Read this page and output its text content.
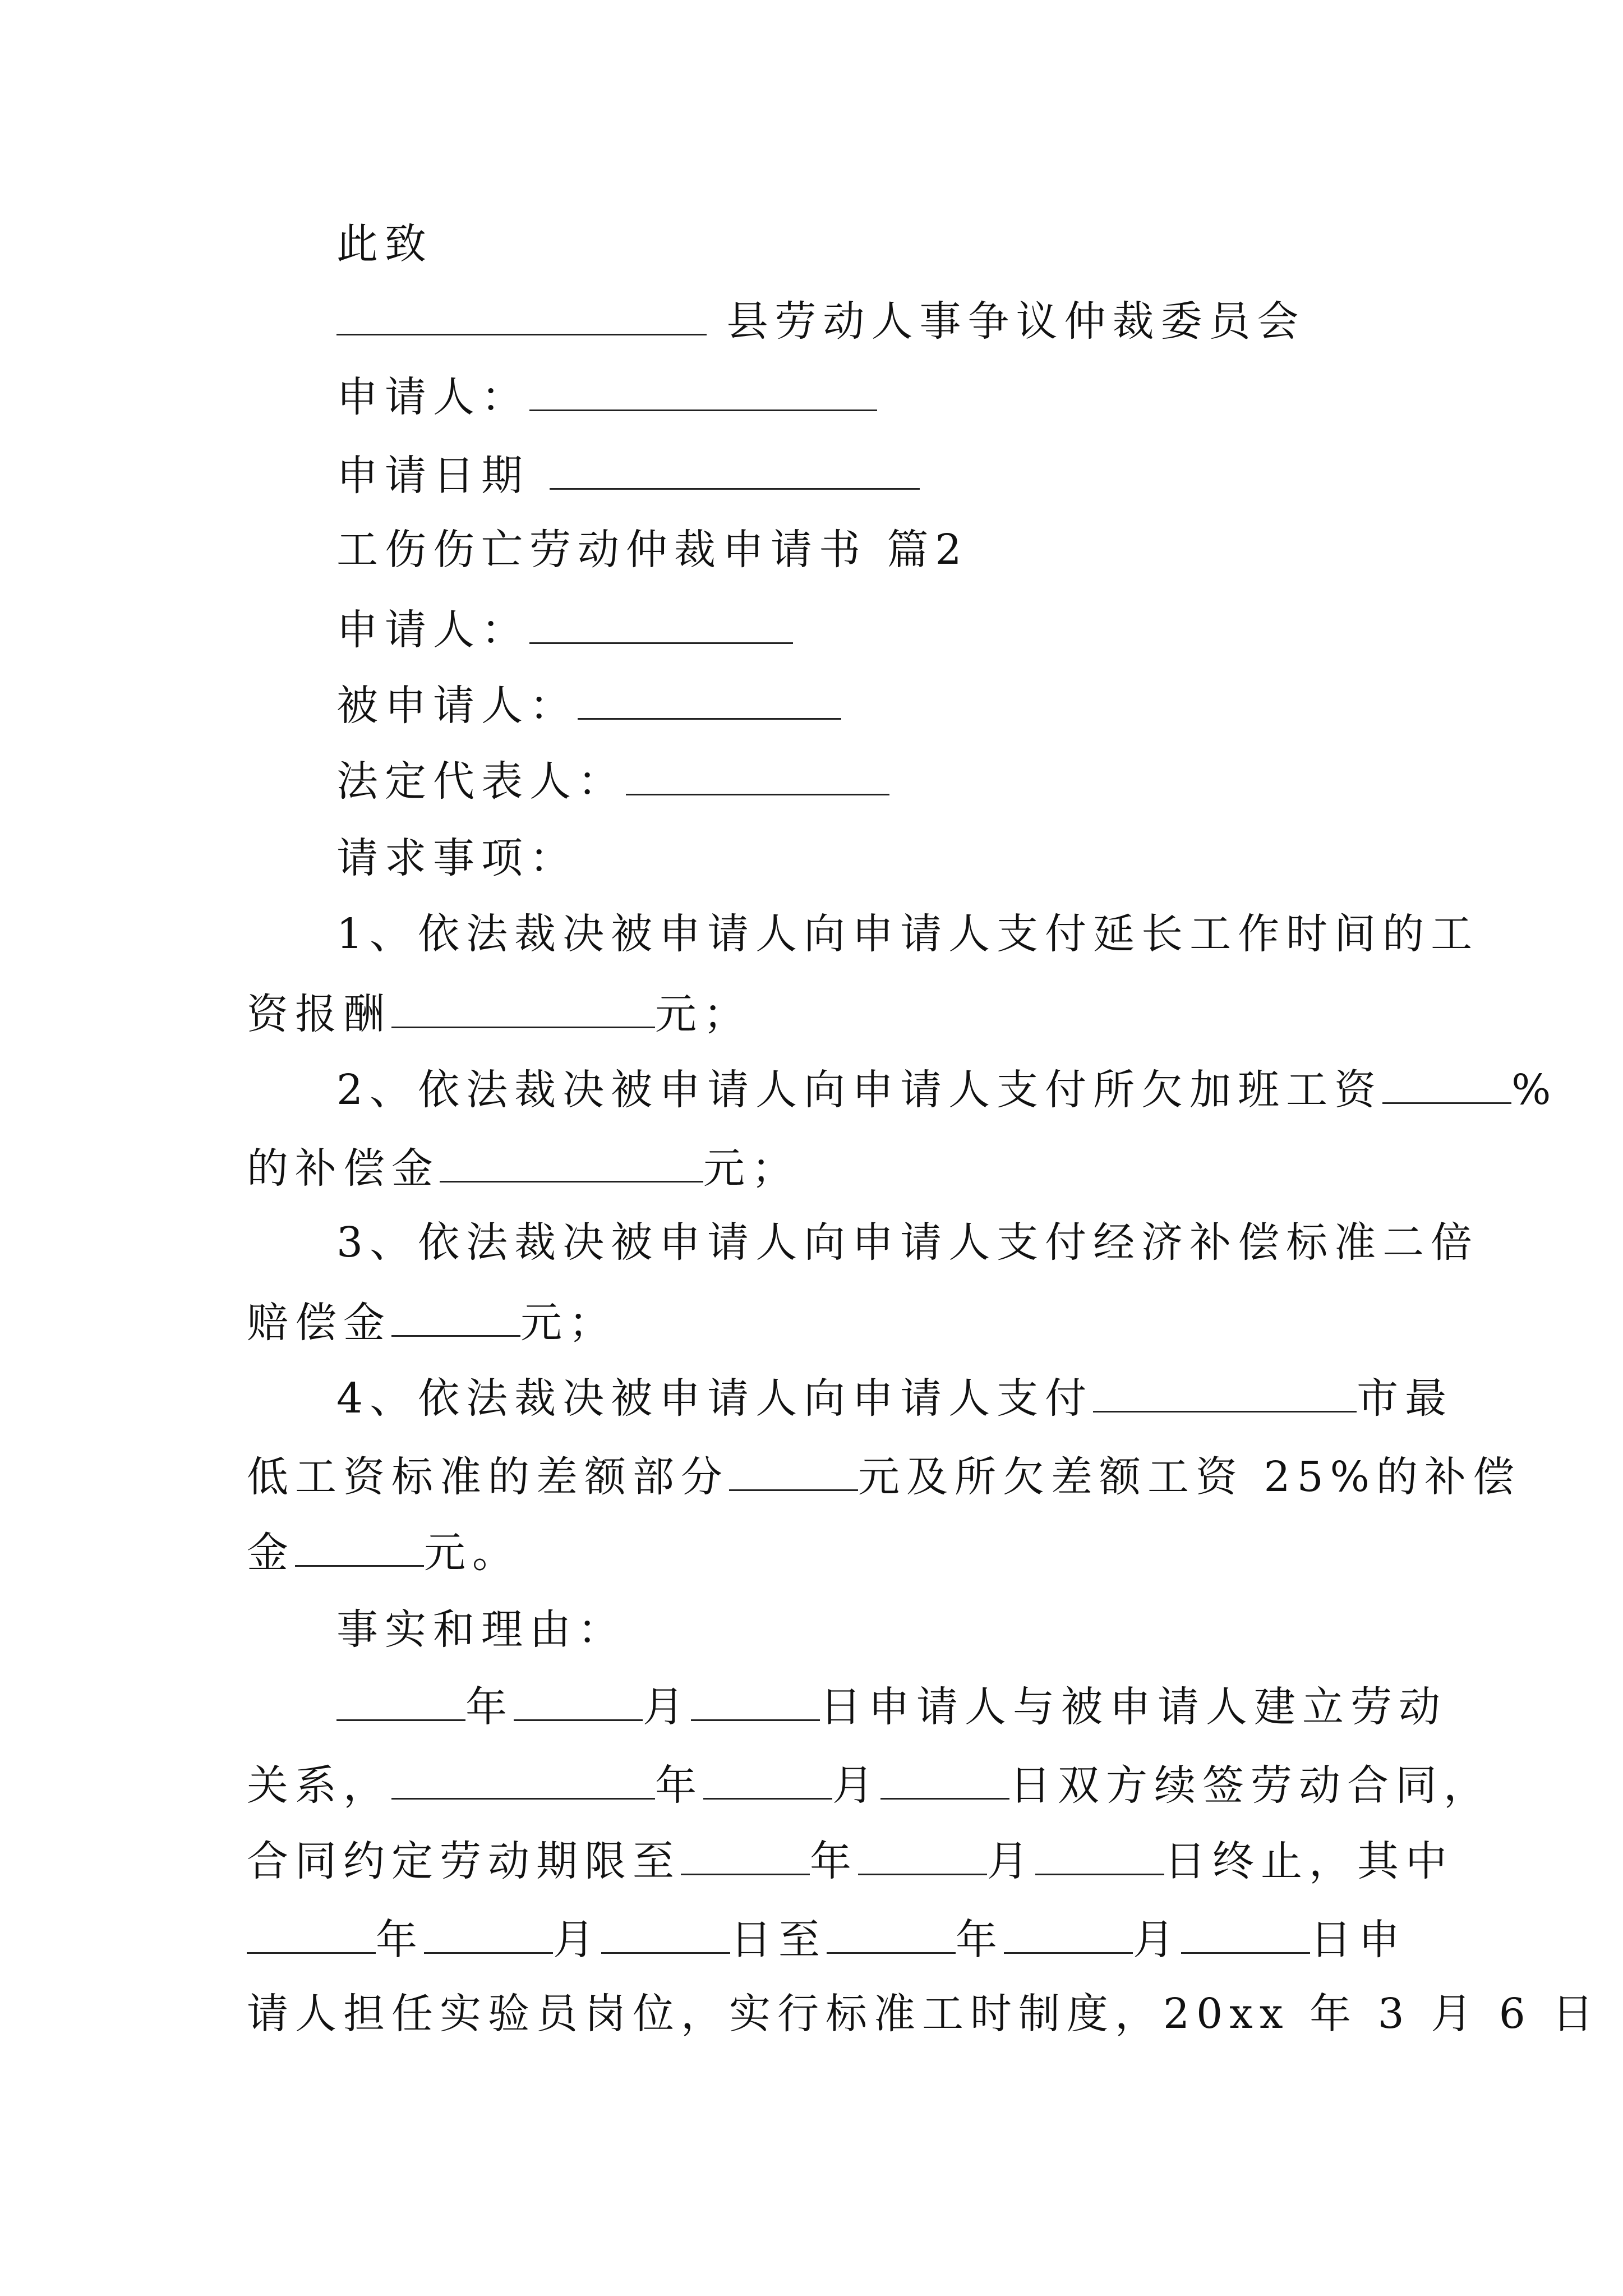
此致
县劳动人事争议仲裁委员会
申请人：
申请日期
工伤伤亡劳动仲裁申请书 篇2
申请人：
被申请人：
法定代表人：
请求事项：
1、依法裁决被申请人向申请人支付延长工作时间的工
资报酬	元；
2、依法裁决被申请人向申请人支付所欠加班工资	%
的补偿金	元；
3、依法裁决被申请人向申请人支付经济补偿标准二倍
赔偿金	元；
4、依法裁决被申请人向申请人支付	市最
低工资标准的差额部分	元及所欠差额工资 25%的补偿
金	元。
事实和理由：
年	月	日申请人与被申请人建立劳动
关系，	年	月	日双方续签劳动合同，
合同约定劳动期限至	年	月	日终止，其中
年	月	日至	年	月	日申
请人担任实验员岗位，实行标准工时制度，20xx 年 3 月 6 日
